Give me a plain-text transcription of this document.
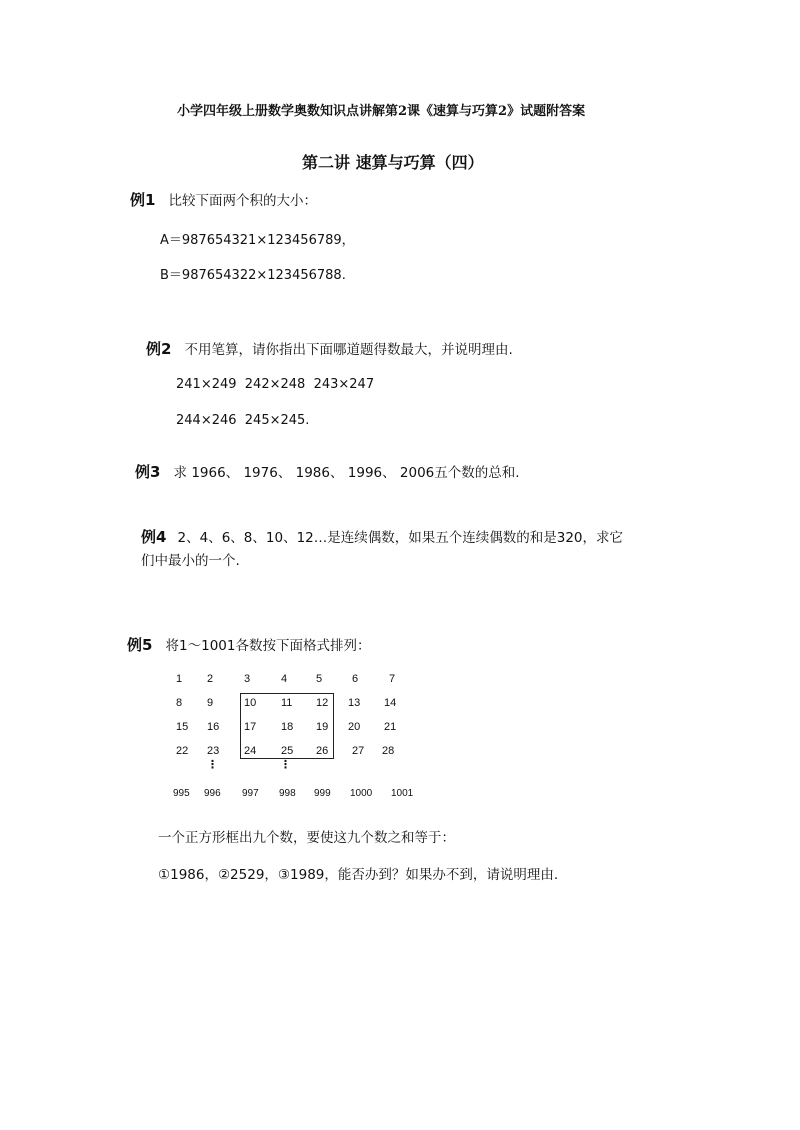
小学四年级上册数学奥数知识点讲解第2课《速算与巧算2》试题附答案
第二讲 速算与巧算（四）
例1 比较下面两个积的大小：
A＝987654321×123456789，
B＝987654322×123456788.
例2 不用笔算，请你指出下面哪道题得数最大，并说明理由.
241×249  242×248  243×247
244×246  245×245.
例3 求 1966、 1976、 1986、 1996、 2006五个数的总和.
例4 2、4、6、8、10、12…是连续偶数，如果五个连续偶数的和是320，求它
们中最小的一个.
例5 将1～1001各数按下面格式排列：
1 2	3	4	5	6	7
8 9	10 11 12 13 14
15 16 17 18 19 20 21
22 23 24 25 26 27 28
⋮	⋮
995 996 997 998 999 1000 1001
一个正方形框出九个数，要使这九个数之和等于：
①1986，②2529，③1989，能否办到？如果办不到，请说明理由.
